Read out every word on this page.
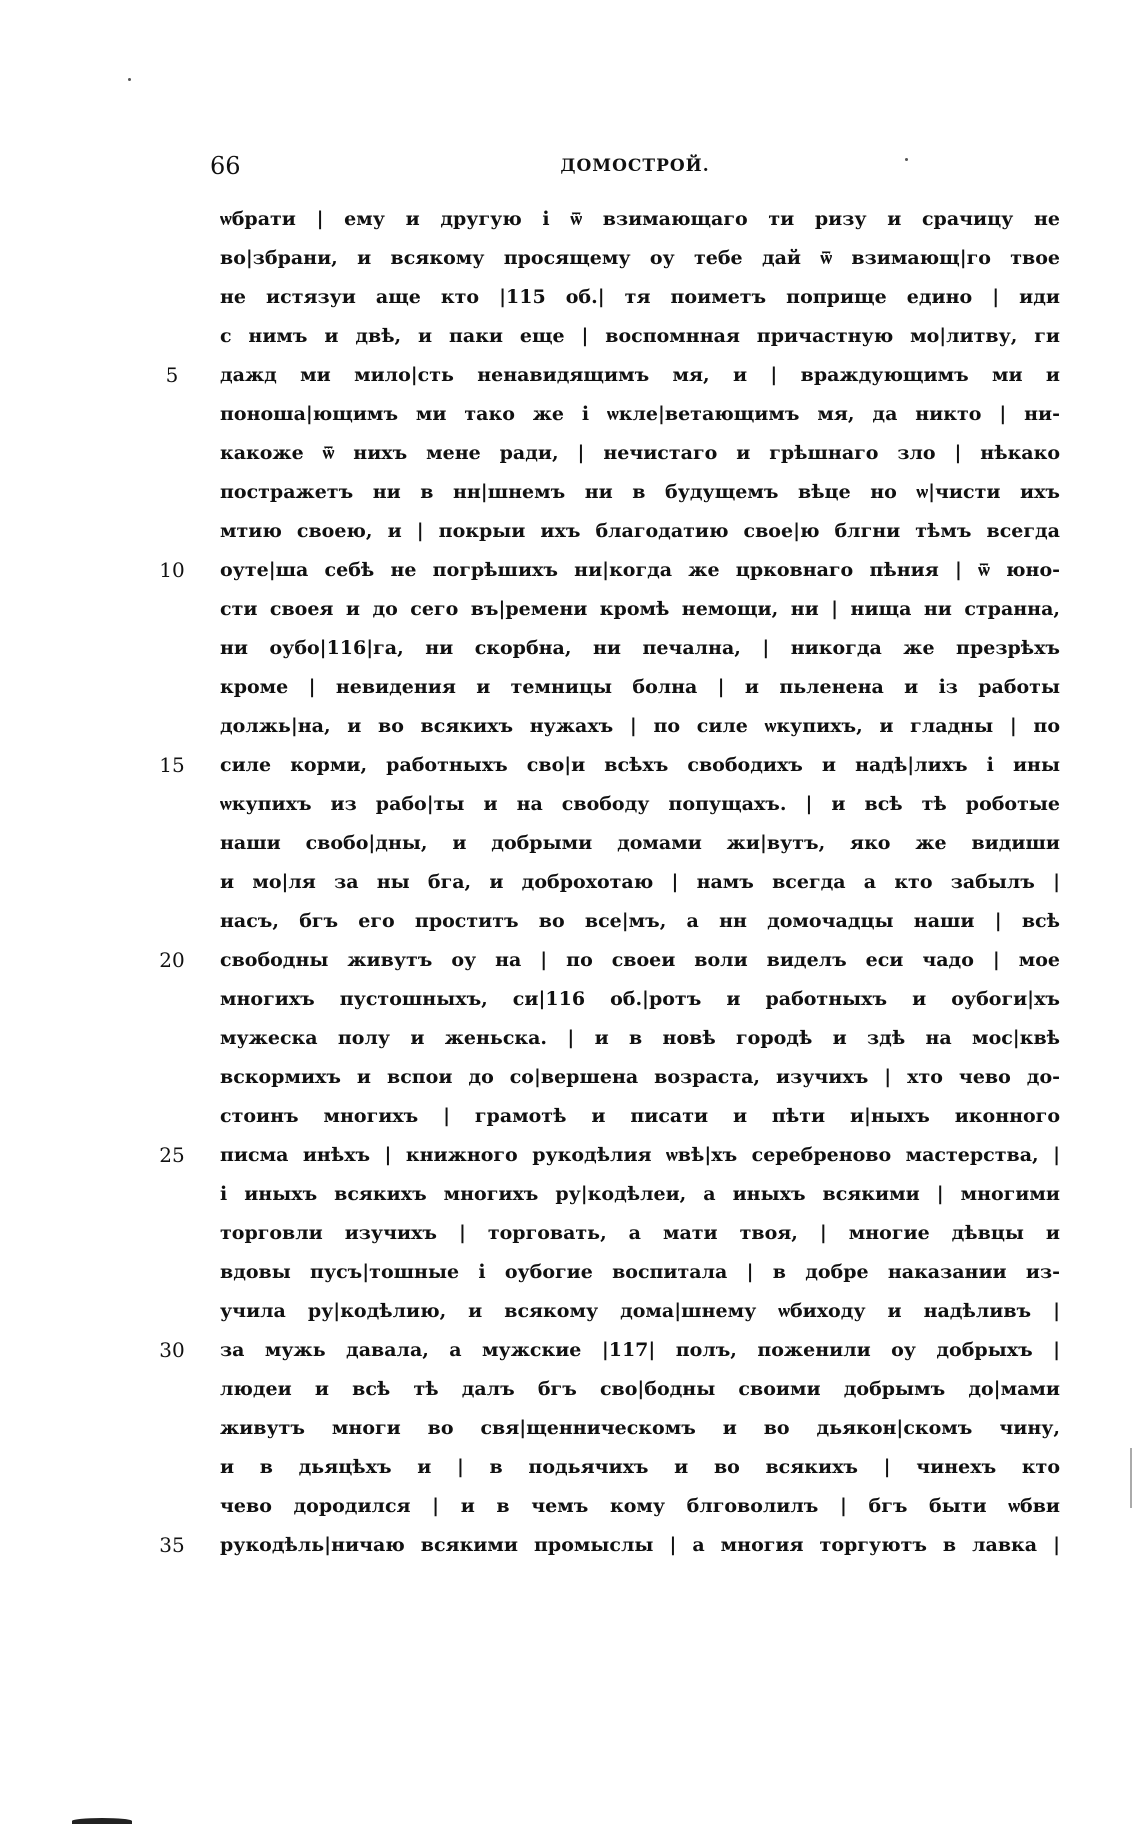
66	ДОМОСТРОЙ.
ѡбрати | ему и другую і ѿ взимающаго ти ризу и срачицу не
во|збрани, и всякому просящему оу тебе дай ѿ взимающ|го твое
не истязуи аще кто |115 об.| тя поиметъ поприще едино | иди
с нимъ и двѣ, и паки еще | воспомнная причастную мо|литву, ги
5	дажд ми мило|сть ненавидящимъ мя, и | враждующимъ ми и
поноша|ющимъ ми тако же і ѡкле|ветающимъ мя, да никто | ни-
какоже ѿ нихъ мене ради, | нечистаго и грѣшнаго зло | нѣкако
постражетъ ни в нн|шнемъ ни в будущемъ вѣце но ѡ|чисти ихъ
мтию своею, и | покрыи ихъ благодатию свое|ю блгни тѣмъ всегда
10	оуте|ша себѣ не погрѣшихъ ни|когда же црковнаго пѣния | ѿ юно-
сти своея и до сего въ|ремени кромѣ немощи, ни | нища ни странна,
ни оубо|116|га, ни скорбна, ни печална, | никогда же презрѣхъ
кроме | невидения и темницы болна | и пьленена и із работы
должь|на, и во всякихъ нужахъ | по силе ѡкупихъ, и гладны | по
15	силе корми, работныхъ сво|и всѣхъ свободихъ и надѣ|лихъ і ины
ѡкупихъ из рабо|ты и на свободу попущахъ. | и всѣ тѣ роботые
наши свобо|дны, и добрыми домами жи|вутъ, яко же видиши
и мо|ля за ны бга, и доброхотаю | намъ всегда а кто забылъ |
насъ, бгъ его проститъ во все|мъ, а нн домочадцы наши | всѣ
20	свободны живутъ оу на | по своеи воли виделъ еси чадо | мое
многихъ пустошныхъ, си|116 об.|ротъ и работныхъ и оубоги|хъ
мужеска полу и женьска. | и в новѣ городѣ и здѣ на мос|квѣ
вскормихъ и вспои до со|вершена возраста, изучихъ | хто чево до-
стоинъ многихъ | грамотѣ и писати и пѣти и|ныхъ иконного
25	писма инѣхъ | книжного рукодѣлия ѡвѣ|хъ серебреново мастерства, |
і иныхъ всякихъ многихъ ру|кодѣлеи, а иныхъ всякими | многими
торговли изучихъ | торговать, а мати твоя, | многие дѣвцы и
вдовы пусъ|тошные і оубогие воспитала | в добре наказании из-
учила ру|кодѣлию, и всякому дома|шнему ѡбиходу и надѣливъ |
30	за мужь давала, а мужские |117| полъ, поженили оу добрыхъ |
людеи и всѣ тѣ далъ бгъ сво|бодны своими добрымъ до|мами
живутъ многи во свя|щенническомъ и во дьякон|скомъ чину,
и в дьяцѣхъ и | в подьячихъ и во всякихъ | чинехъ кто
чево дородился | и в чемъ кому блговолилъ | бгъ быти ѡбви
35	рукодѣль|ничаю всякими промыслы | а многия торгуютъ в лавка |
